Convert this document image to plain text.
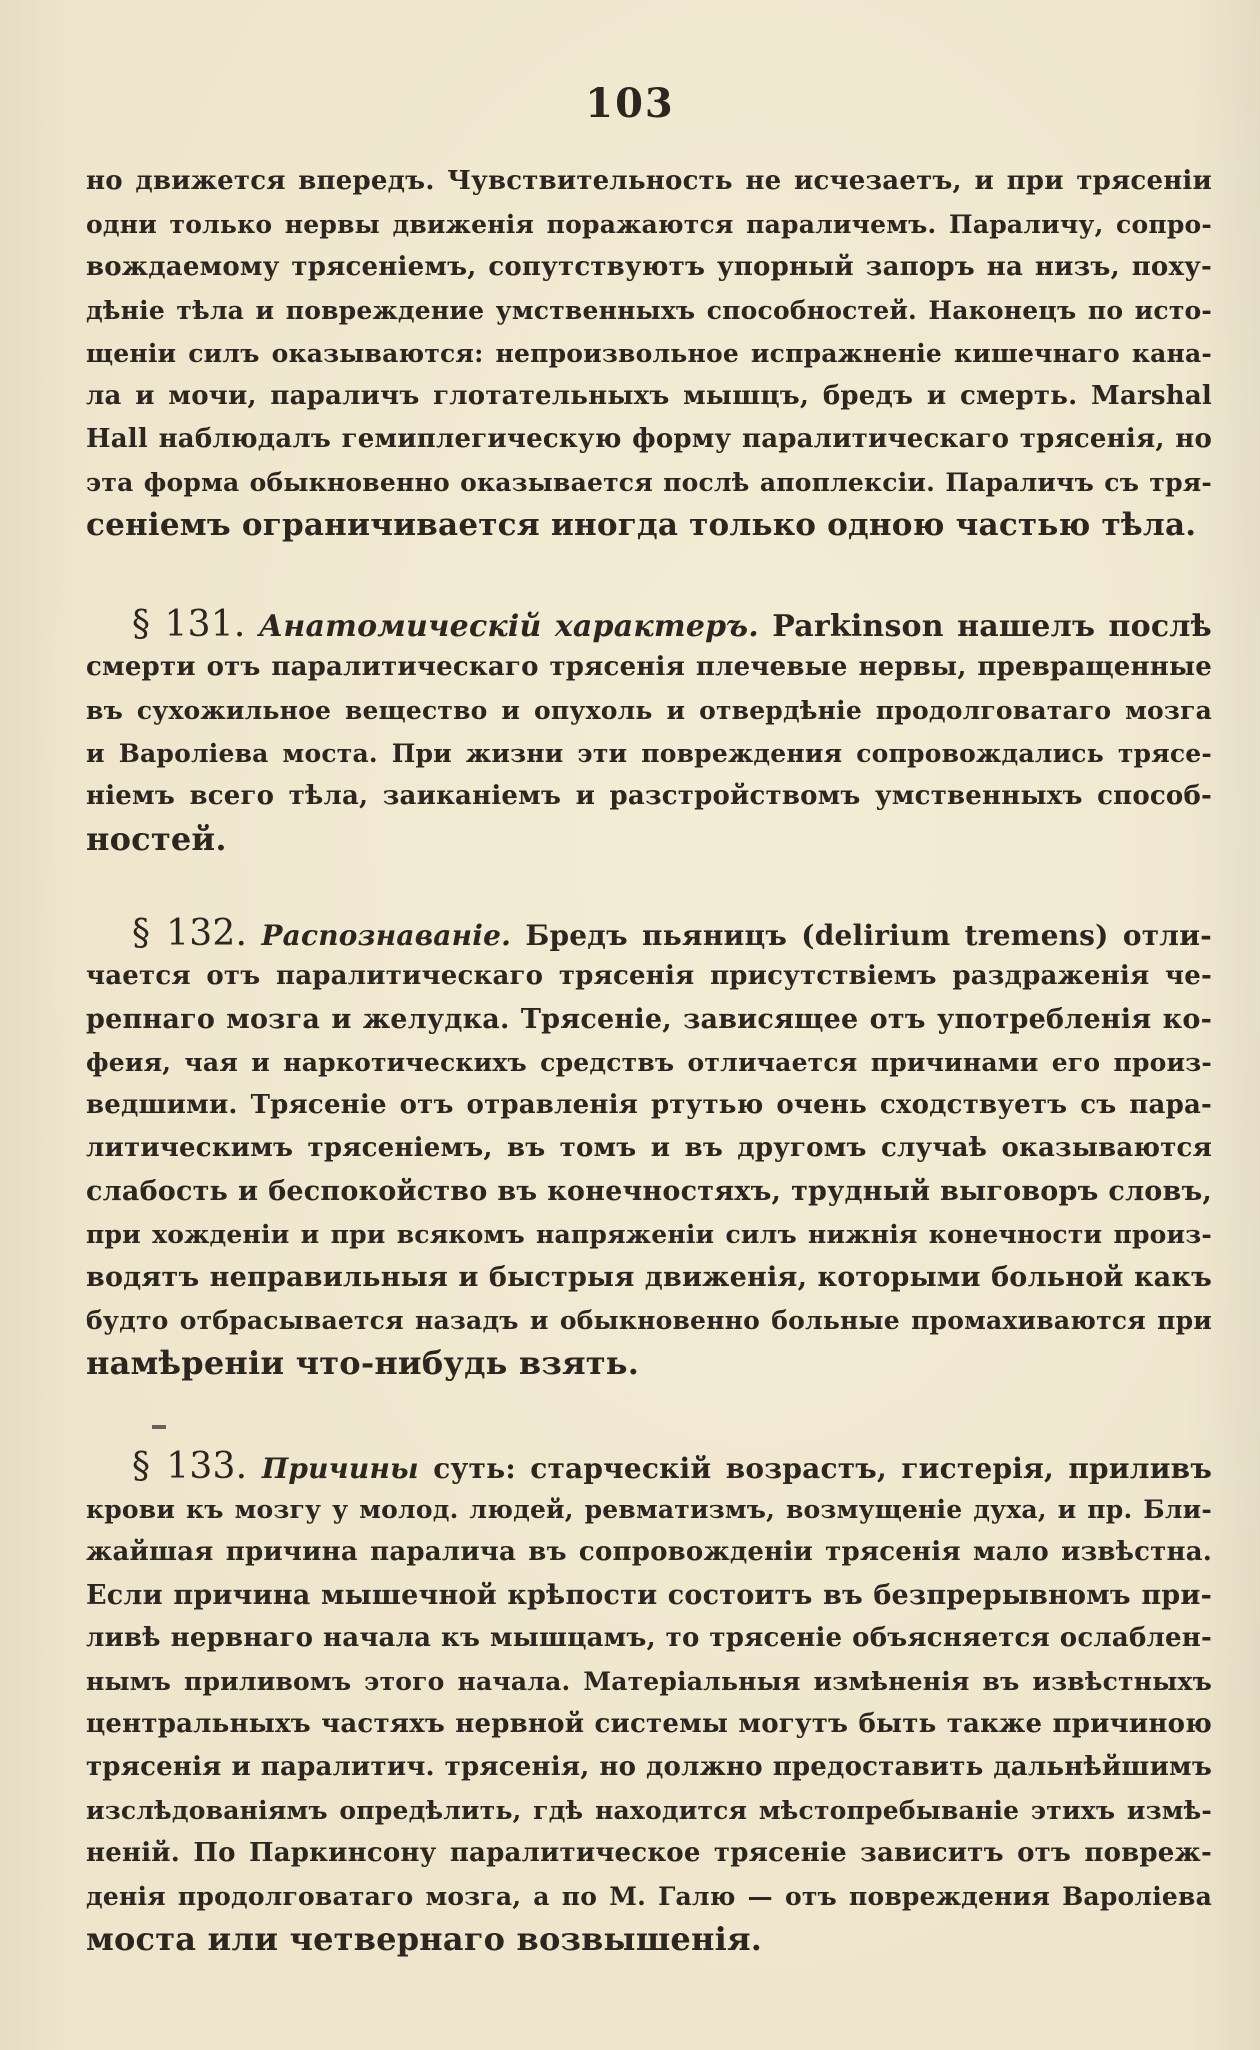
103
но движется впередъ. Чувствительность не исчезаетъ, и при трясеніи
одни только нервы движенія поражаются параличемъ. Параличу, сопро-
вождаемому трясеніемъ, сопутствуютъ упорный запоръ на низъ, поху-
дѣніе тѣла и повреждение умственныхъ способностей. Наконецъ по исто-
щеніи силъ оказываются: непроизвольное испражненіе кишечнаго кана-
ла и мочи, параличъ глотательныхъ мышцъ, бредъ и смерть. Marshal
Hall наблюдалъ гемиплегическую форму паралитическаго трясенія, но
эта форма обыкновенно оказывается послѣ апоплексіи. Параличъ съ тря-
сеніемъ ограничивается иногда только одною частью тѣла.
§ 131. Анатомическій характеръ. Parkinson нашелъ послѣ
смерти отъ паралитическаго трясенія плечевые нервы, превращенные
въ сухожильное вещество и опухоль и отвердѣніе продолговатаго мозга
и Вароліева моста. При жизни эти повреждения сопровождались трясе-
ніемъ всего тѣла, заиканіемъ и разстройствомъ умственныхъ способ-
ностей.
§ 132. Распознаваніе. Бредъ пьяницъ (delirium tremens) отли-
чается отъ паралитическаго трясенія присутствіемъ раздраженія че-
репнаго мозга и желудка. Трясеніе, зависящее отъ употребленія ко-
феия, чая и наркотическихъ средствъ отличается причинами его произ-
ведшими. Трясеніе отъ отравленія ртутью очень сходствуетъ съ пара-
литическимъ трясеніемъ, въ томъ и въ другомъ случаѣ оказываются
слабость и беспокойство въ конечностяхъ, трудный выговоръ словъ,
при хожденіи и при всякомъ напряженіи силъ нижнія конечности произ-
водятъ неправильныя и быстрыя движенія, которыми больной какъ
будто отбрасывается назадъ и обыкновенно больные промахиваются при
намѣреніи что-нибудь взять.
§ 133. Причины суть: старческій возрастъ, гистерія, приливъ
крови къ мозгу у молод. людей, ревматизмъ, возмущеніе духа, и пр. Бли-
жайшая причина паралича въ сопровожденіи трясенія мало извѣстна.
Если причина мышечной крѣпости состоитъ въ безпрерывномъ при-
ливѣ нервнаго начала къ мышцамъ, то трясеніе объясняется ослаблен-
нымъ приливомъ этого начала. Матеріальныя измѣненія въ извѣстныхъ
центральныхъ частяхъ нервной системы могутъ быть также причиною
трясенія и паралитич. трясенія, но должно предоставить дальнѣйшимъ
изслѣдованіямъ опредѣлить, гдѣ находится мѣстопребываніе этихъ измѣ-
неній. По Паркинсону паралитическое трясеніе зависитъ отъ повреж-
денія продолговатаго мозга, а по М. Галю — отъ повреждения Вароліева
моста или четвернаго возвышенія.
